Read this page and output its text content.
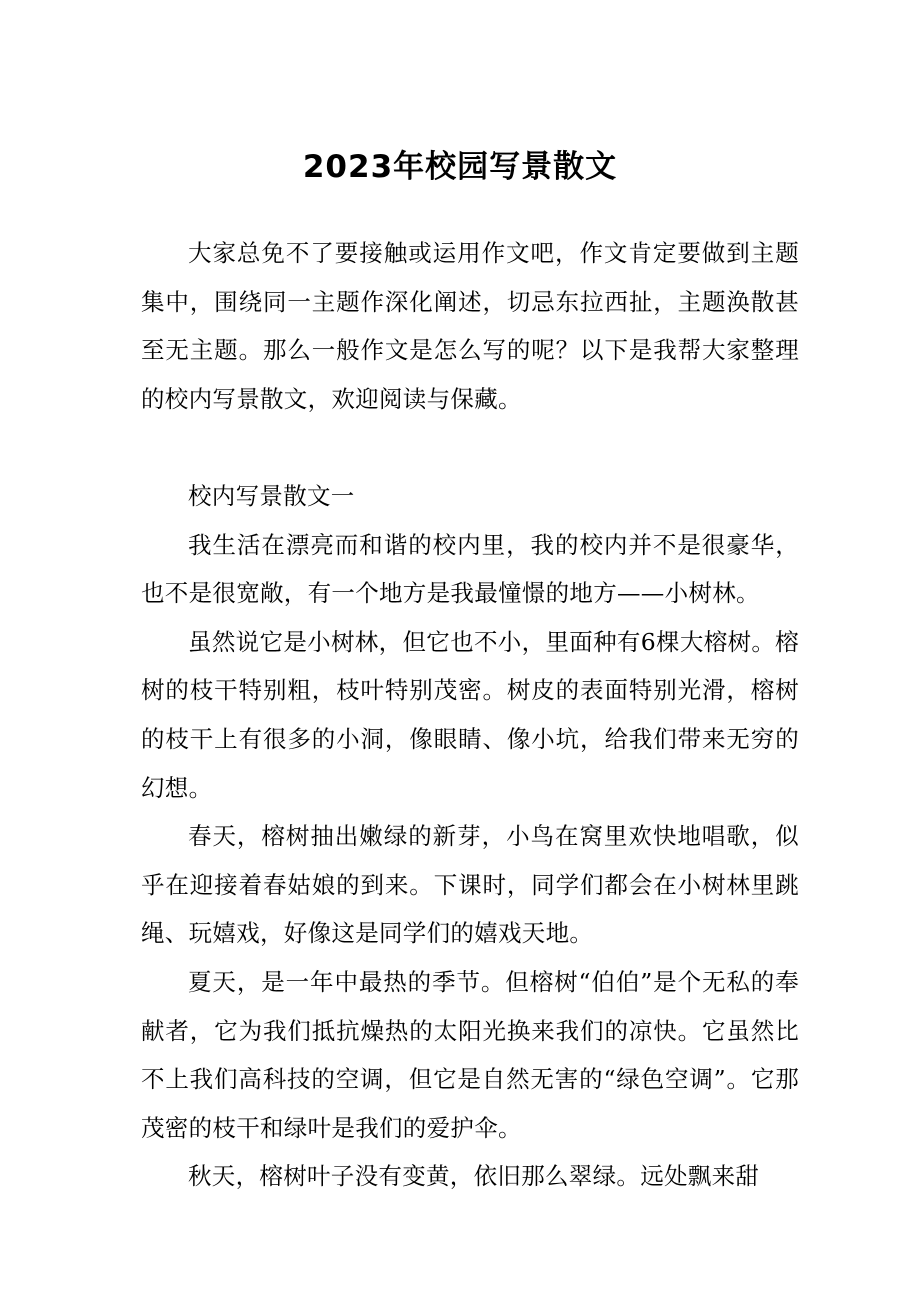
2023年校园写景散文

大家总免不了要接触或运用作文吧，作文肯定要做到主题集中，围绕同一主题作深化阐述，切忌东拉西扯，主题涣散甚至无主题。那么一般作文是怎么写的呢？以下是我帮大家整理的校内写景散文，欢迎阅读与保藏。

校内写景散文一

我生活在漂亮而和谐的校内里，我的校内并不是很豪华，也不是很宽敞，有一个地方是我最憧憬的地方——小树林。

虽然说它是小树林，但它也不小，里面种有6棵大榕树。榕树的枝干特别粗，枝叶特别茂密。树皮的表面特别光滑，榕树的枝干上有很多的小洞，像眼睛、像小坑，给我们带来无穷的幻想。

春天，榕树抽出嫩绿的新芽，小鸟在窝里欢快地唱歌，似乎在迎接着春姑娘的到来。下课时，同学们都会在小树林里跳绳、玩嬉戏，好像这是同学们的嬉戏天地。

夏天，是一年中最热的季节。但榕树“伯伯”是个无私的奉献者，它为我们抵抗燥热的太阳光换来我们的凉快。它虽然比不上我们高科技的空调，但它是自然无害的“绿色空调”。它那茂密的枝干和绿叶是我们的爱护伞。

秋天，榕树叶子没有变黄，依旧那么翠绿。远处飘来甜
